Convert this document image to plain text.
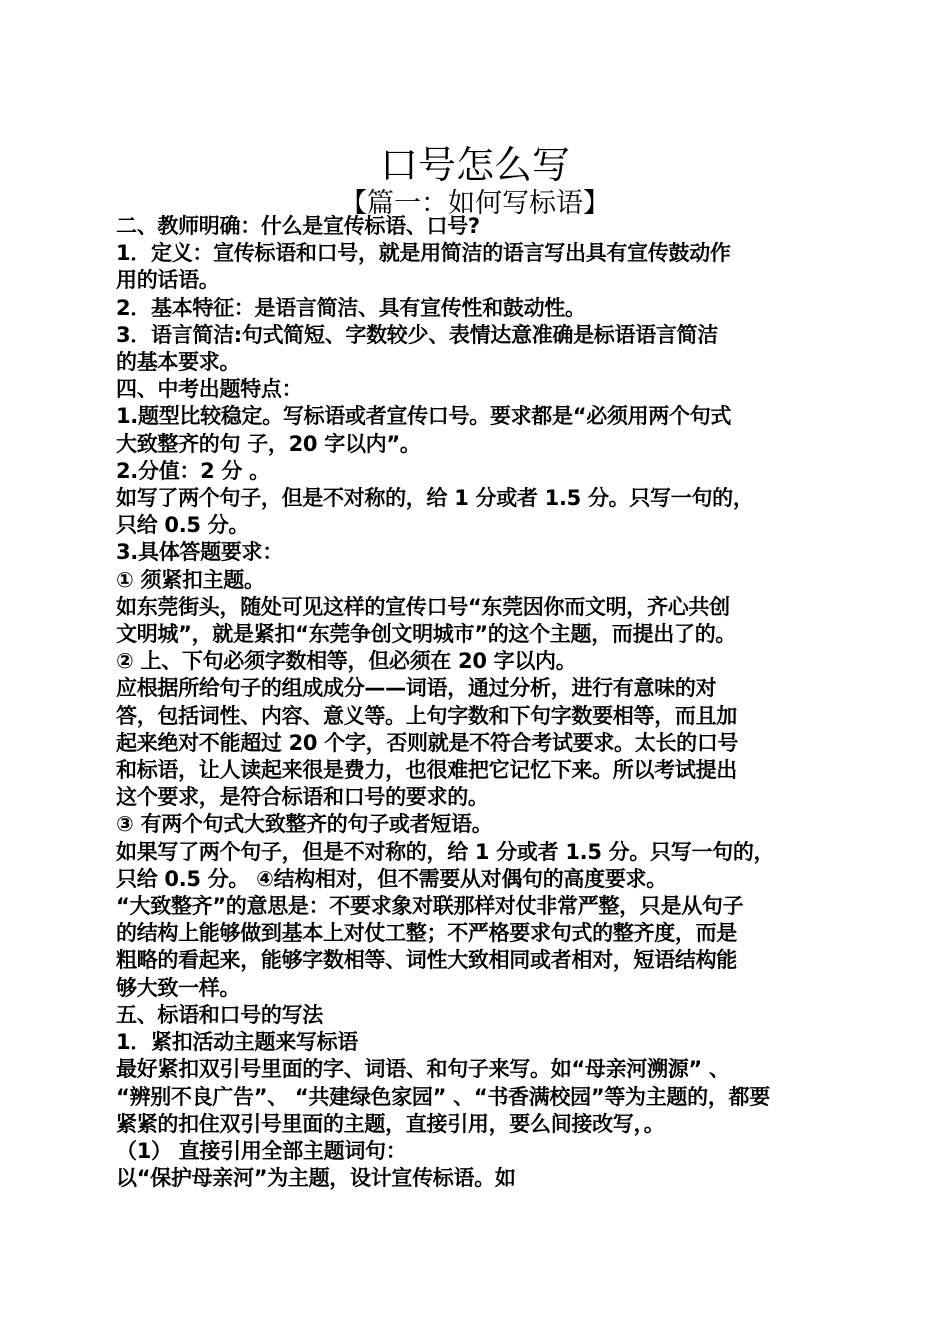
口号怎么写
【篇一：如何写标语】

二、教师明确：什么是宣传标语、口号?

1．定义：宣传标语和口号，就是用简洁的语言写出具有宣传鼓动作

用的话语。

2．基本特征：是语言简洁、具有宣传性和鼓动性。

3．语言简洁:句式简短、字数较少、表情达意准确是标语语言简洁

的基本要求。

四、中考出题特点：

1.题型比较稳定。写标语或者宣传口号。要求都是“必须用两个句式

大致整齐的句 子，20 字以内”。

2.分值：2 分 。

如写了两个句子，但是不对称的，给 1 分或者 1.5 分。只写一句的，

只给 0.5 分。

3.具体答题要求：

① 须紧扣主题。

如东莞街头，随处可见这样的宣传口号“东莞因你而文明，齐心共创

文明城”，就是紧扣“东莞争创文明城市”的这个主题，而提出了的。

② 上、下句必须字数相等，但必须在 20 字以内。

应根据所给句子的组成成分——词语，通过分析，进行有意味的对

答，包括词性、内容、意义等。上句字数和下句字数要相等，而且加

起来绝对不能超过 20 个字，否则就是不符合考试要求。太长的口号

和标语，让人读起来很是费力，也很难把它记忆下来。所以考试提出

这个要求，是符合标语和口号的要求的。

③ 有两个句式大致整齐的句子或者短语。

如果写了两个句子，但是不对称的，给 1 分或者 1.5 分。只写一句的，

只给 0.5 分。 ④结构相对，但不需要从对偶句的高度要求。

“大致整齐”的意思是：不要求象对联那样对仗非常严整，只是从句子

的结构上能够做到基本上对仗工整；不严格要求句式的整齐度，而是

粗略的看起来，能够字数相等、词性大致相同或者相对，短语结构能

够大致一样。

五、标语和口号的写法

1．紧扣活动主题来写标语

最好紧扣双引号里面的字、词语、和句子来写。如“母亲河溯源” 、

“辨别不良广告”、 “共建绿色家园” 、“书香满校园”等为主题的，都要

紧紧的扣住双引号里面的主题，直接引用，要么间接改写，。

（1） 直接引用全部主题词句：

以“保护母亲河”为主题，设计宣传标语。如
